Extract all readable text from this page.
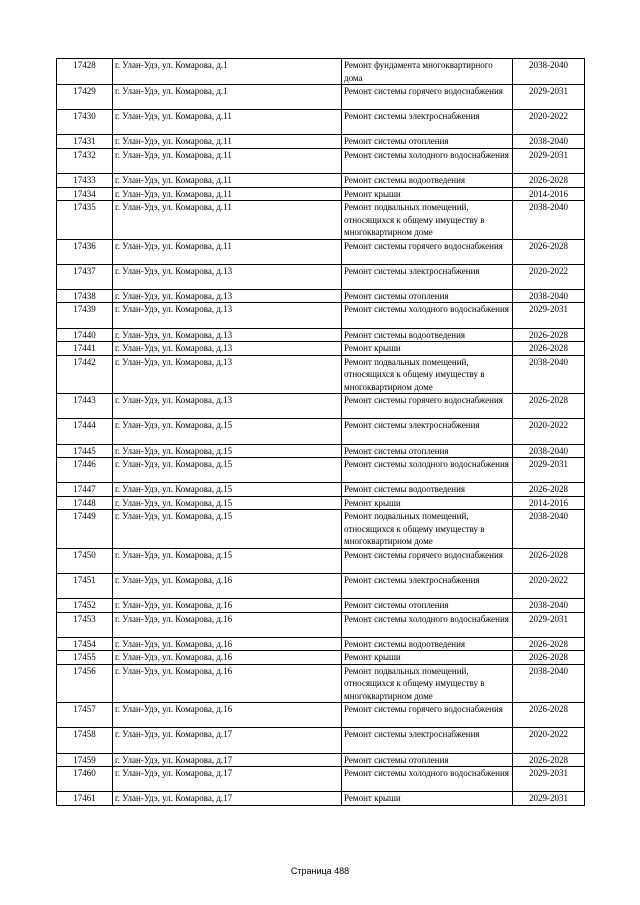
17428	г. Улан-Удэ, ул. Комарова, д.1	Ремонт фундамента многоквартирного дома	2038-2040
17429	г. Улан-Удэ, ул. Комарова, д.1	Ремонт системы горячего водоснабжения	2029-2031
17430	г. Улан-Удэ, ул. Комарова, д.11	Ремонт системы электроснабжения	2020-2022
17431	г. Улан-Удэ, ул. Комарова, д.11	Ремонт системы отопления	2038-2040
17432	г. Улан-Удэ, ул. Комарова, д.11	Ремонт системы холодного водоснабжения	2029-2031
17433	г. Улан-Удэ, ул. Комарова, д.11	Ремонт системы водоотведения	2026-2028
17434	г. Улан-Удэ, ул. Комарова, д.11	Ремонт крыши	2014-2016
17435	г. Улан-Удэ, ул. Комарова, д.11	Ремонт подвальных помещений, относящихся к общему имуществу в многоквартирном доме	2038-2040
17436	г. Улан-Удэ, ул. Комарова, д.11	Ремонт системы горячего водоснабжения	2026-2028
17437	г. Улан-Удэ, ул. Комарова, д.13	Ремонт системы электроснабжения	2020-2022
17438	г. Улан-Удэ, ул. Комарова, д.13	Ремонт системы отопления	2038-2040
17439	г. Улан-Удэ, ул. Комарова, д.13	Ремонт системы холодного водоснабжения	2029-2031
17440	г. Улан-Удэ, ул. Комарова, д.13	Ремонт системы водоотведения	2026-2028
17441	г. Улан-Удэ, ул. Комарова, д.13	Ремонт крыши	2026-2028
17442	г. Улан-Удэ, ул. Комарова, д.13	Ремонт подвальных помещений, относящихся к общему имуществу в многоквартирном доме	2038-2040
17443	г. Улан-Удэ, ул. Комарова, д.13	Ремонт системы горячего водоснабжения	2026-2028
17444	г. Улан-Удэ, ул. Комарова, д.15	Ремонт системы электроснабжения	2020-2022
17445	г. Улан-Удэ, ул. Комарова, д.15	Ремонт системы отопления	2038-2040
17446	г. Улан-Удэ, ул. Комарова, д.15	Ремонт системы холодного водоснабжения	2029-2031
17447	г. Улан-Удэ, ул. Комарова, д.15	Ремонт системы водоотведения	2026-2028
17448	г. Улан-Удэ, ул. Комарова, д.15	Ремонт крыши	2014-2016
17449	г. Улан-Удэ, ул. Комарова, д.15	Ремонт подвальных помещений, относящихся к общему имуществу в многоквартирном доме	2038-2040
17450	г. Улан-Удэ, ул. Комарова, д.15	Ремонт системы горячего водоснабжения	2026-2028
17451	г. Улан-Удэ, ул. Комарова, д.16	Ремонт системы электроснабжения	2020-2022
17452	г. Улан-Удэ, ул. Комарова, д.16	Ремонт системы отопления	2038-2040
17453	г. Улан-Удэ, ул. Комарова, д.16	Ремонт системы холодного водоснабжения	2029-2031
17454	г. Улан-Удэ, ул. Комарова, д.16	Ремонт системы водоотведения	2026-2028
17455	г. Улан-Удэ, ул. Комарова, д.16	Ремонт крыши	2026-2028
17456	г. Улан-Удэ, ул. Комарова, д.16	Ремонт подвальных помещений, относящихся к общему имуществу в многоквартирном доме	2038-2040
17457	г. Улан-Удэ, ул. Комарова, д.16	Ремонт системы горячего водоснабжения	2026-2028
17458	г. Улан-Удэ, ул. Комарова, д.17	Ремонт системы электроснабжения	2020-2022
17459	г. Улан-Удэ, ул. Комарова, д.17	Ремонт системы отопления	2026-2028
17460	г. Улан-Удэ, ул. Комарова, д.17	Ремонт системы холодного водоснабжения	2029-2031
17461	г. Улан-Удэ, ул. Комарова, д.17	Ремонт крыши	2029-2031
Страница 488
